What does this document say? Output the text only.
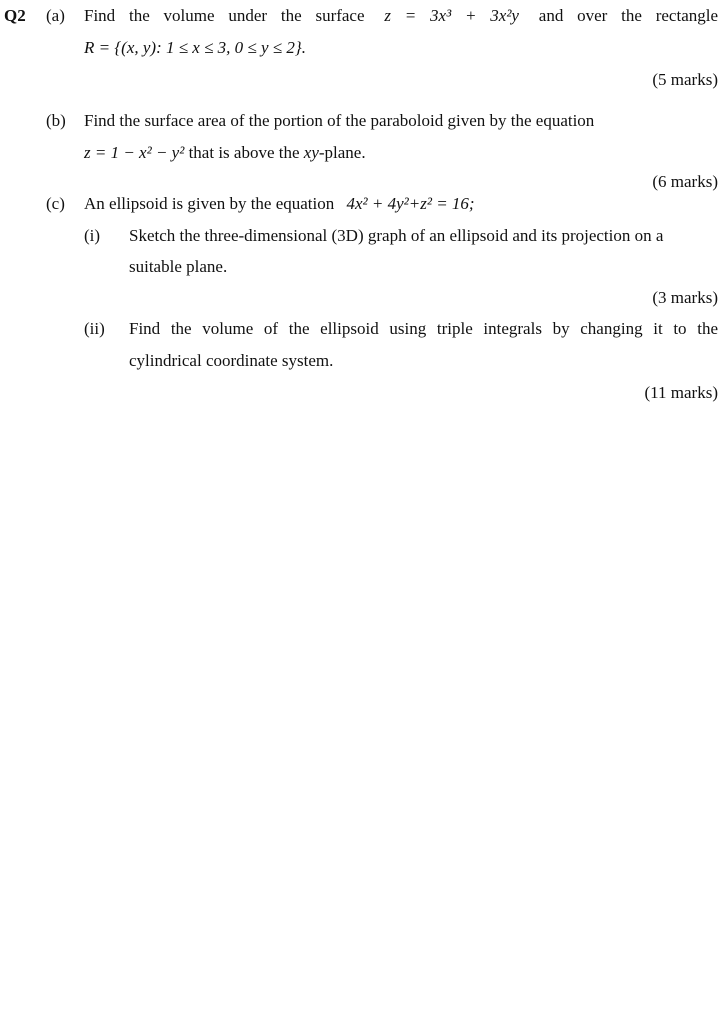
Q2 (a) Find the volume under the surface z = 3x³ + 3x²y and over the rectangle
R = {(x, y): 1 ≤ x ≤ 3, 0 ≤ y ≤ 2}.
(5 marks)
(b) Find the surface area of the portion of the paraboloid given by the equation
z = 1 − x² − y² that is above the xy-plane.
(6 marks)
(c) An ellipsoid is given by the equation 4x² + 4y²+z² = 16;
(i) Sketch the three-dimensional (3D) graph of an ellipsoid and its projection on a
suitable plane.
(3 marks)
(ii) Find the volume of the ellipsoid using triple integrals by changing it to the
cylindrical coordinate system.
(11 marks)
